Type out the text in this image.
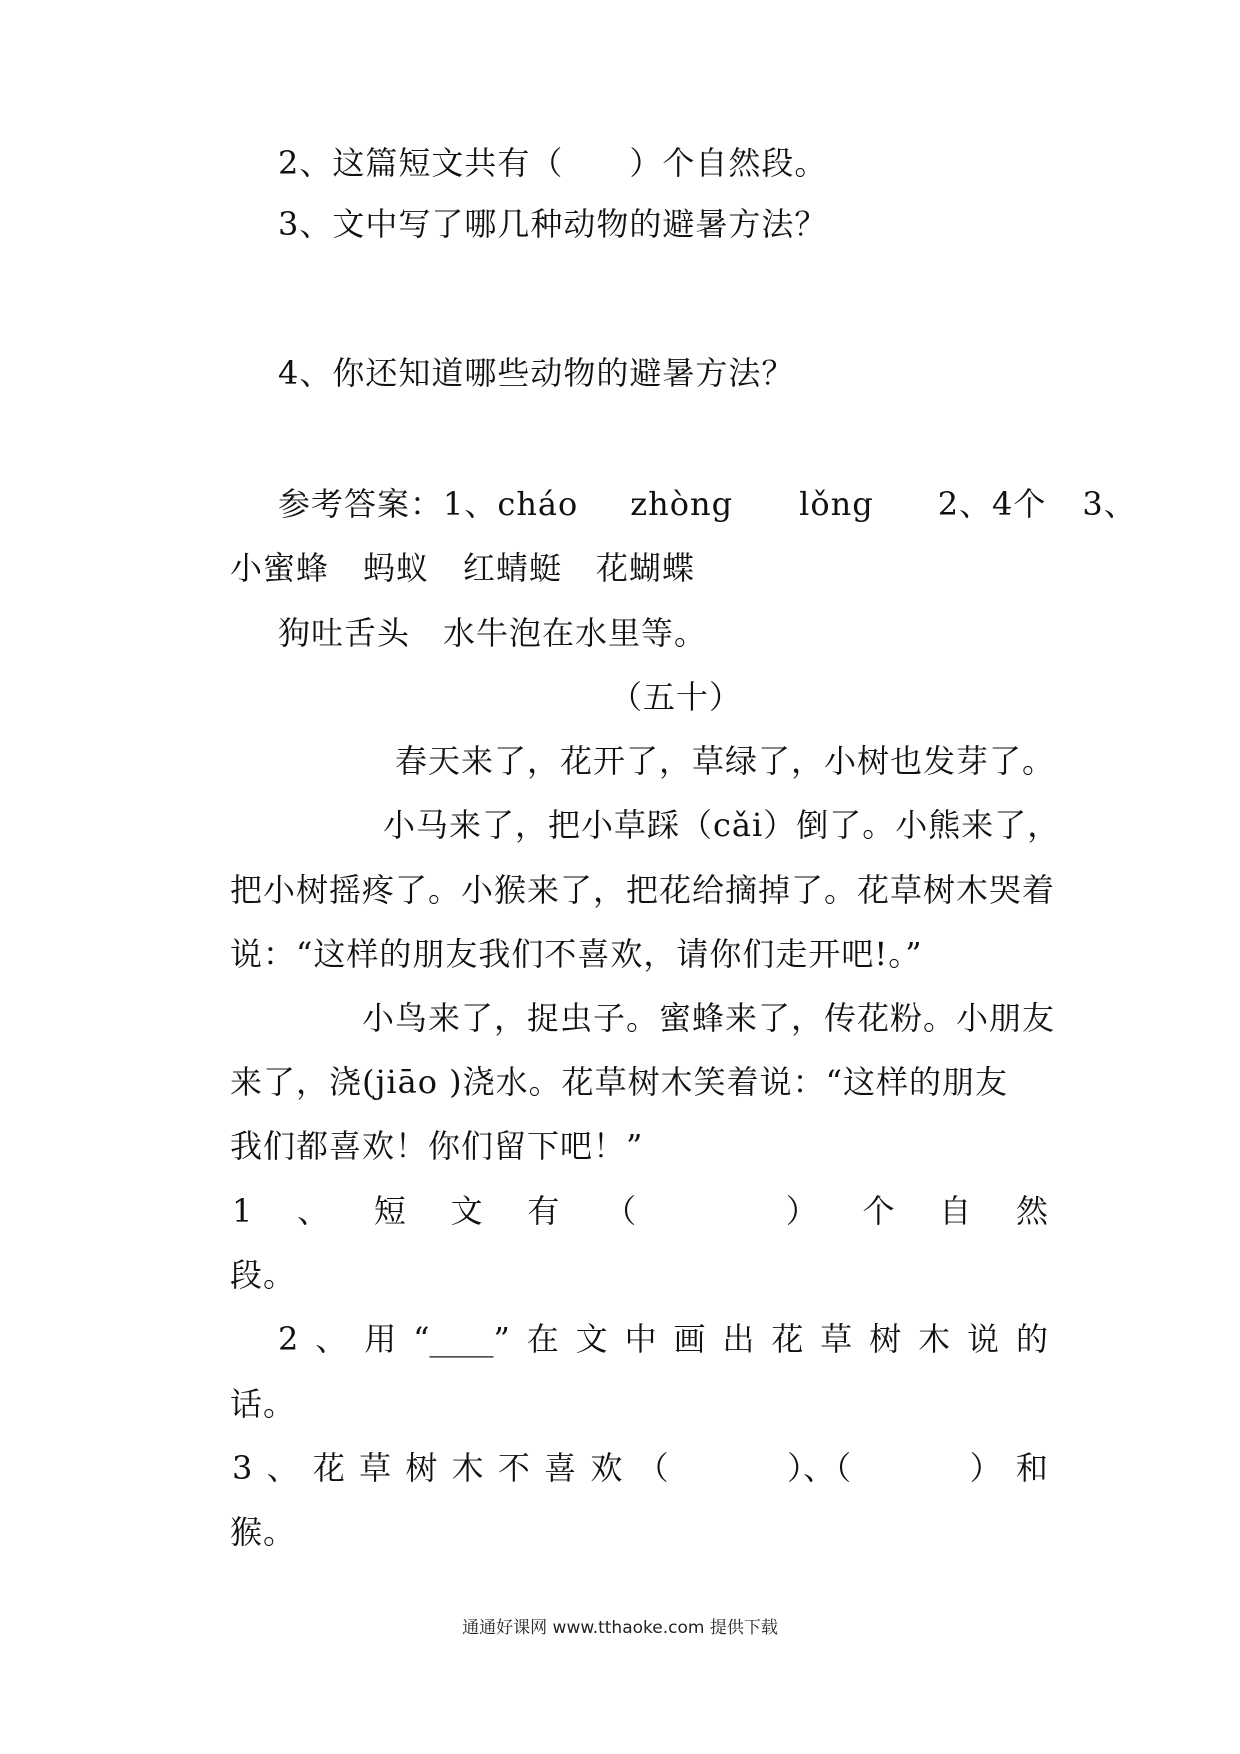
2、这篇短文共有（　　）个自然段。
3、文中写了哪几种动物的避暑方法？
4、你还知道哪些动物的避暑方法？
参考答案：1、cháo zhòng lǒng 2、4个 3、
小蜜蜂 蚂蚁 红蜻蜓 花蝴蝶
狗吐舌头　水牛泡在水里等。
（五十）
春天来了，花开了，草绿了，小树也发芽了。
小马来了，把小草踩（cǎi）倒了。小熊来了，
把小树摇疼了。小猴来了，把花给摘掉了。花草树木哭着
说：“这样的朋友我们不喜欢，请你们走开吧!。”
小鸟来了，捉虫子。蜜蜂来了，传花粉。小朋友
来了，浇(jiāo )浇水。花草树木笑着说：“这样的朋友
我们都喜欢！你们留下吧！”
1 、 短 文 有 （	） 个 自 然
段。
2 、 用 “____” 在 文 中 画 出 花 草 树 木 说 的
话。
3 、 花 草 树 木 不 喜 欢 （	）、（	） 和
猴。
通通好课网 www.tthaoke.com 提供下载
